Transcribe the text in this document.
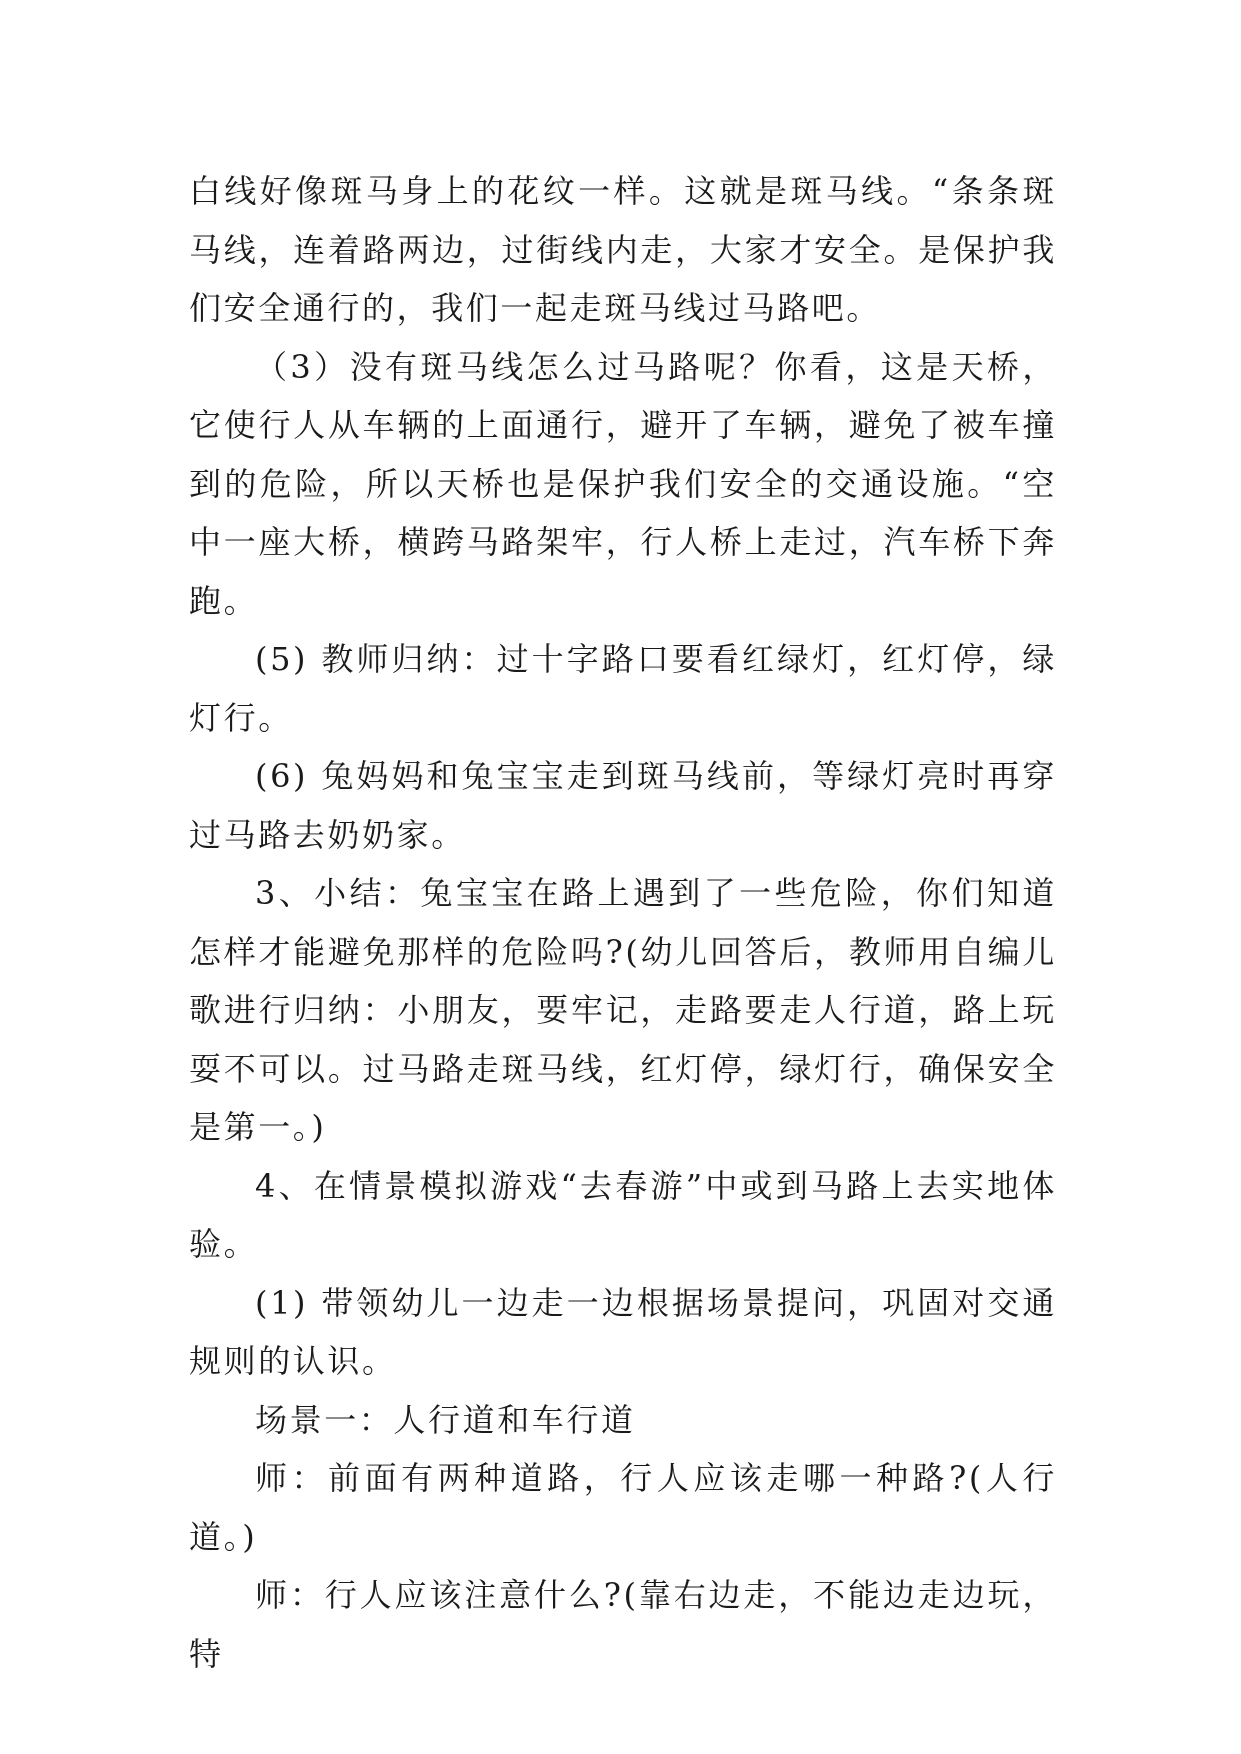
白线好像斑马身上的花纹一样。这就是斑马线。“条条斑马线，连着路两边，过街线内走，大家才安全。是保护我们安全通行的，我们一起走斑马线过马路吧。

（3）没有斑马线怎么过马路呢？你看，这是天桥，它使行人从车辆的上面通行，避开了车辆，避免了被车撞到的危险，所以天桥也是保护我们安全的交通设施。“空中一座大桥，横跨马路架牢，行人桥上走过，汽车桥下奔跑。

(5) 教师归纳：过十字路口要看红绿灯，红灯停，绿灯行。

(6) 兔妈妈和兔宝宝走到斑马线前，等绿灯亮时再穿过马路去奶奶家。

3、小结：兔宝宝在路上遇到了一些危险，你们知道怎样才能避免那样的危险吗?(幼儿回答后，教师用自编儿歌进行归纳：小朋友，要牢记，走路要走人行道，路上玩耍不可以。过马路走斑马线，红灯停，绿灯行，确保安全是第一。)

4、在情景模拟游戏“去春游”中或到马路上去实地体验。

(1) 带领幼儿一边走一边根据场景提问，巩固对交通规则的认识。

场景一：人行道和车行道

师：前面有两种道路，行人应该走哪一种路?(人行道。)

师：行人应该注意什么?(靠右边走，不能边走边玩，特
